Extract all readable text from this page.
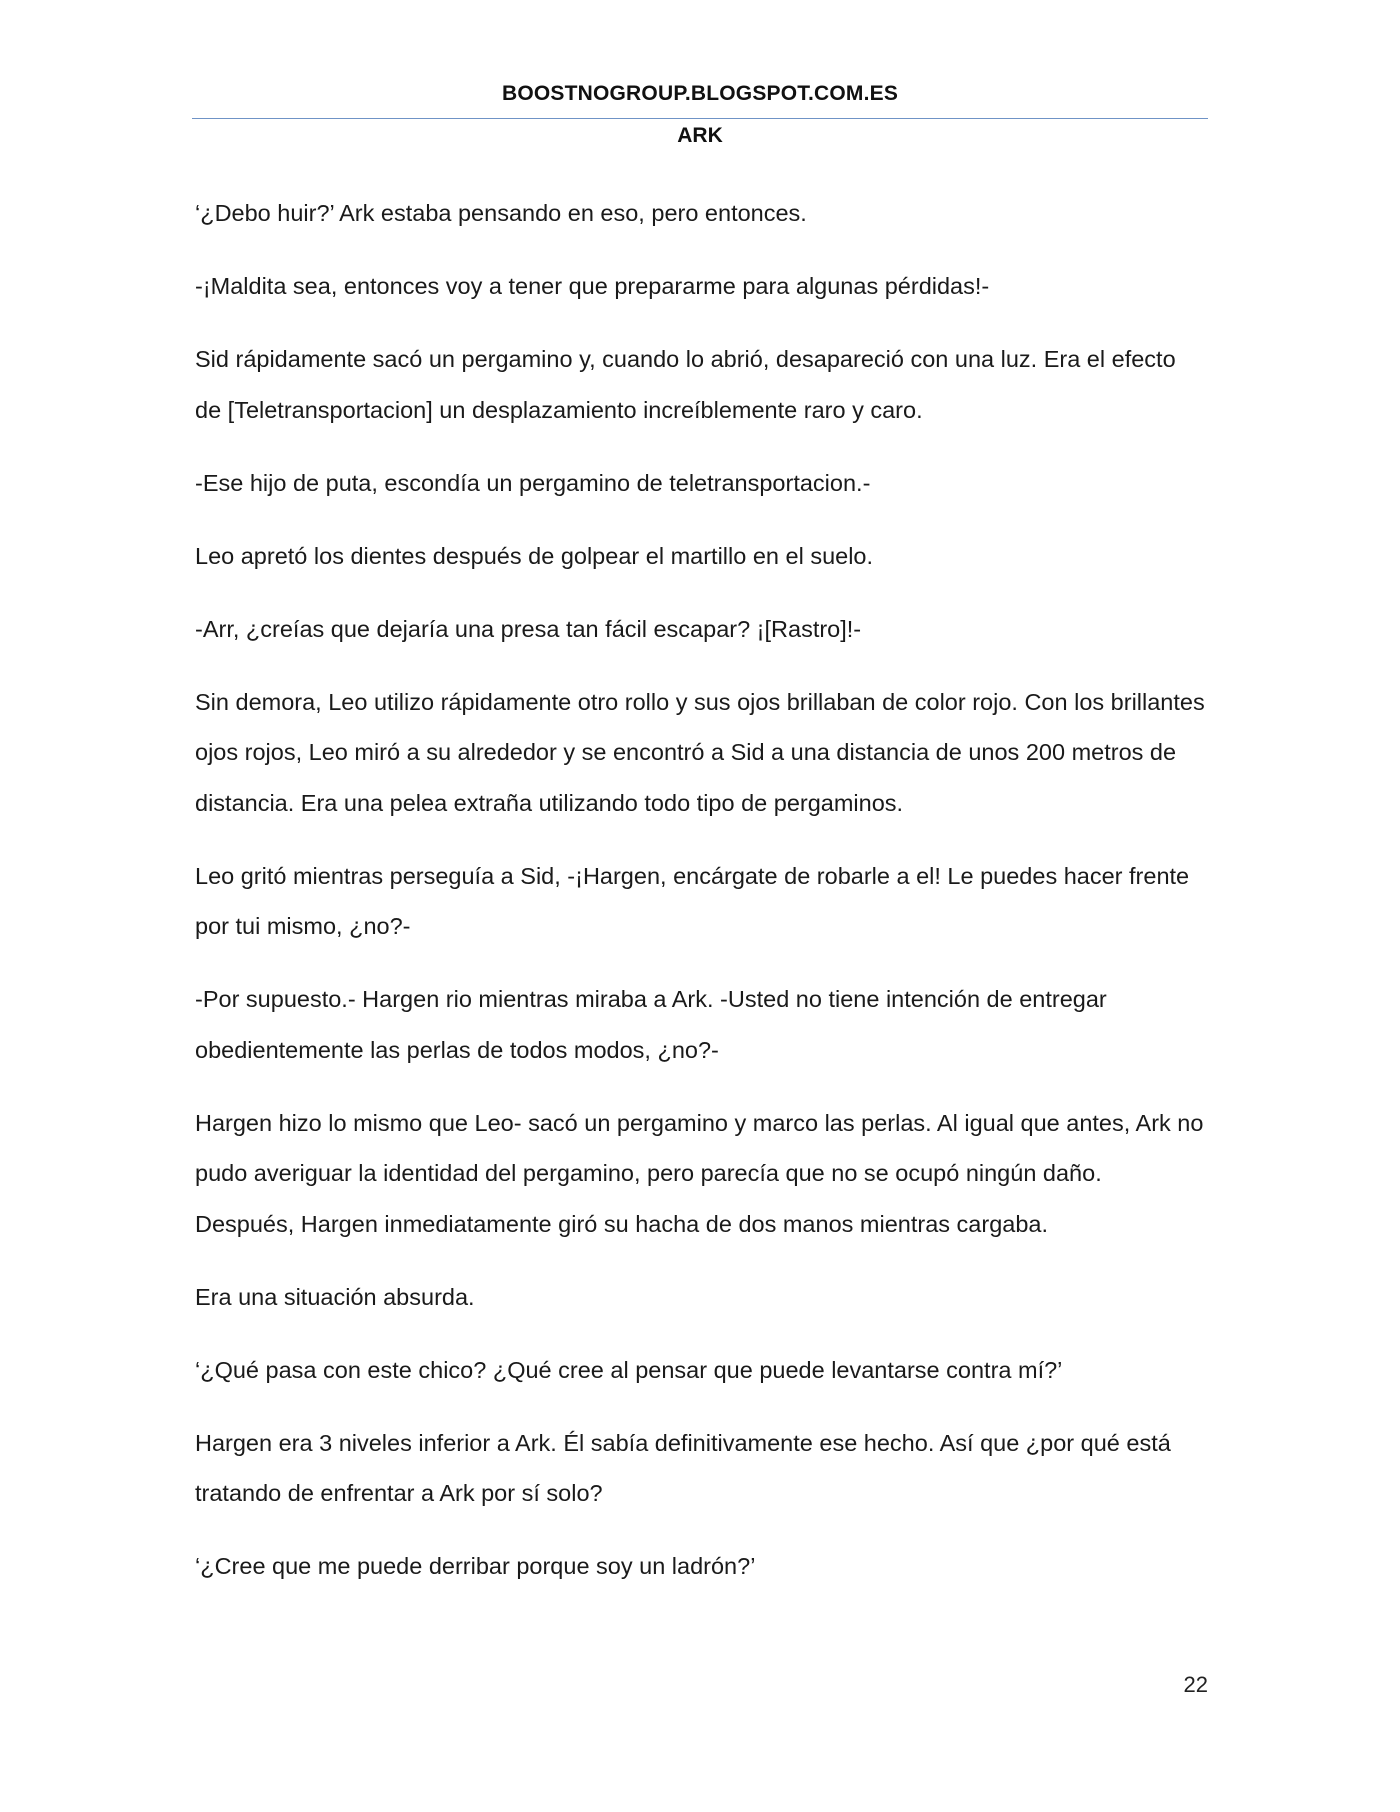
BOOSTNOGROUP.BLOGSPOT.COM.ES
ARK

‘¿Debo huir?’ Ark estaba pensando en eso, pero entonces.

-¡Maldita sea, entonces voy a tener que prepararme para algunas pérdidas!-

Sid rápidamente sacó un pergamino y, cuando lo abrió, desapareció con una luz. Era el efecto de [Teletransportacion] un desplazamiento increíblemente raro y caro.

-Ese hijo de puta, escondía un pergamino de teletransportacion.-

Leo apretó los dientes después de golpear el martillo en el suelo.

-Arr, ¿creías que dejaría una presa tan fácil escapar? ¡[Rastro]!-

Sin demora, Leo utilizo rápidamente otro rollo y sus ojos brillaban de color rojo. Con los brillantes ojos rojos, Leo miró a su alrededor y se encontró a Sid a una distancia de unos 200 metros de distancia. Era una pelea extraña utilizando todo tipo de pergaminos.

Leo gritó mientras perseguía a Sid, -¡Hargen, encárgate de robarle a el! Le puedes hacer frente por tui mismo, ¿no?-

-Por supuesto.- Hargen rio mientras miraba a Ark. -Usted no tiene intención de entregar obedientemente las perlas de todos modos, ¿no?-

Hargen hizo lo mismo que Leo- sacó un pergamino y marco las perlas. Al igual que antes, Ark no pudo averiguar la identidad del pergamino, pero parecía que no se ocupó ningún daño. Después, Hargen inmediatamente giró su hacha de dos manos mientras cargaba.

Era una situación absurda.

‘¿Qué pasa con este chico? ¿Qué cree al pensar que puede levantarse contra mí?’

Hargen era 3 niveles inferior a Ark. Él sabía definitivamente ese hecho. Así que ¿por qué está tratando de enfrentar a Ark por sí solo?

‘¿Cree que me puede derribar porque soy un ladrón?’

22
